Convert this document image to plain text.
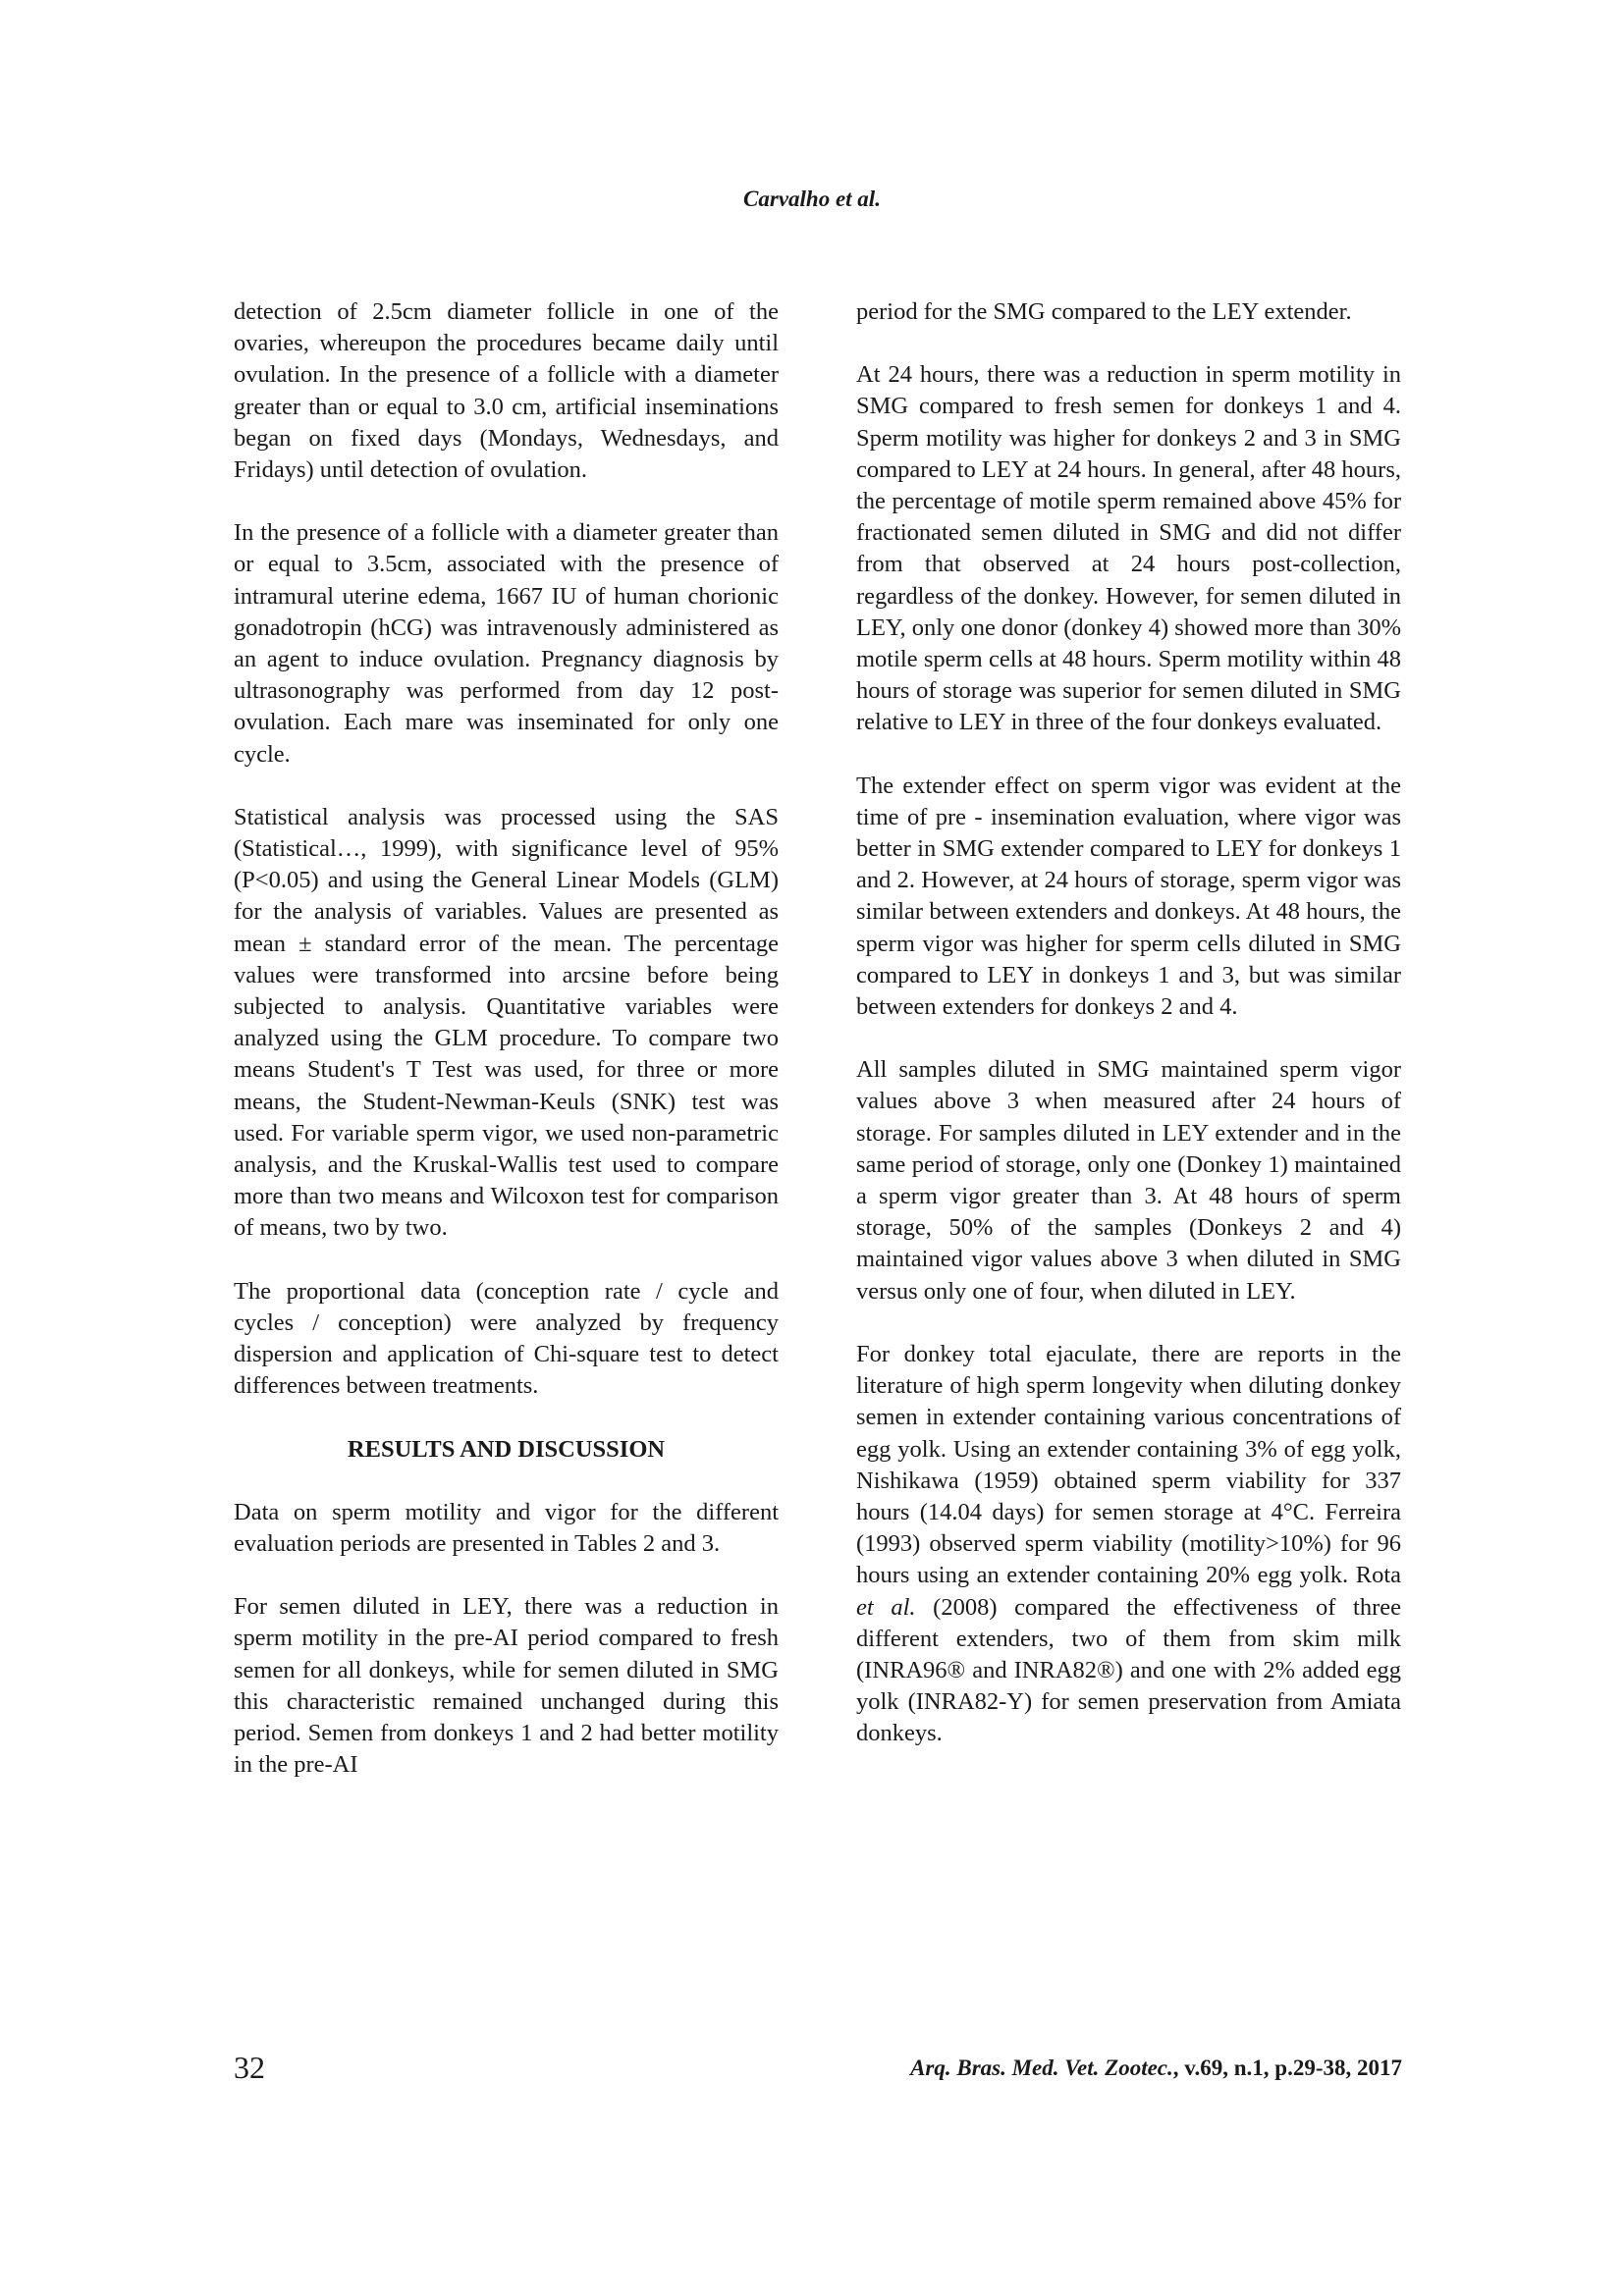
Carvalho et al.

detection of 2.5cm diameter follicle in one of the ovaries, whereupon the procedures became daily until ovulation. In the presence of a follicle with a diameter greater than or equal to 3.0 cm, artificial inseminations began on fixed days (Mondays, Wednesdays, and Fridays) until detection of ovulation.

In the presence of a follicle with a diameter greater than or equal to 3.5cm, associated with the presence of intramural uterine edema, 1667 IU of human chorionic gonadotropin (hCG) was intravenously administered as an agent to induce ovulation. Pregnancy diagnosis by ultrasonography was performed from day 12 post-ovulation. Each mare was inseminated for only one cycle.

Statistical analysis was processed using the SAS (Statistical…, 1999), with significance level of 95% (P<0.05) and using the General Linear Models (GLM) for the analysis of variables. Values are presented as mean ± standard error of the mean. The percentage values were transformed into arcsine before being subjected to analysis. Quantitative variables were analyzed using the GLM procedure. To compare two means Student's T Test was used, for three or more means, the Student-Newman-Keuls (SNK) test was used. For variable sperm vigor, we used non-parametric analysis, and the Kruskal-Wallis test used to compare more than two means and Wilcoxon test for comparison of means, two by two.

The proportional data (conception rate / cycle and cycles / conception) were analyzed by frequency dispersion and application of Chi-square test to detect differences between treatments.

RESULTS AND DISCUSSION

Data on sperm motility and vigor for the different evaluation periods are presented in Tables 2 and 3.

For semen diluted in LEY, there was a reduction in sperm motility in the pre-AI period compared to fresh semen for all donkeys, while for semen diluted in SMG this characteristic remained unchanged during this period. Semen from donkeys 1 and 2 had better motility in the pre-AI

period for the SMG compared to the LEY extender.

At 24 hours, there was a reduction in sperm motility in SMG compared to fresh semen for donkeys 1 and 4. Sperm motility was higher for donkeys 2 and 3 in SMG compared to LEY at 24 hours. In general, after 48 hours, the percentage of motile sperm remained above 45% for fractionated semen diluted in SMG and did not differ from that observed at 24 hours post-collection, regardless of the donkey. However, for semen diluted in LEY, only one donor (donkey 4) showed more than 30% motile sperm cells at 48 hours. Sperm motility within 48 hours of storage was superior for semen diluted in SMG relative to LEY in three of the four donkeys evaluated.

The extender effect on sperm vigor was evident at the time of pre - insemination evaluation, where vigor was better in SMG extender compared to LEY for donkeys 1 and 2. However, at 24 hours of storage, sperm vigor was similar between extenders and donkeys. At 48 hours, the sperm vigor was higher for sperm cells diluted in SMG compared to LEY in donkeys 1 and 3, but was similar between extenders for donkeys 2 and 4.

All samples diluted in SMG maintained sperm vigor values above 3 when measured after 24 hours of storage. For samples diluted in LEY extender and in the same period of storage, only one (Donkey 1) maintained a sperm vigor greater than 3. At 48 hours of sperm storage, 50% of the samples (Donkeys 2 and 4) maintained vigor values above 3 when diluted in SMG versus only one of four, when diluted in LEY.

For donkey total ejaculate, there are reports in the literature of high sperm longevity when diluting donkey semen in extender containing various concentrations of egg yolk. Using an extender containing 3% of egg yolk, Nishikawa (1959) obtained sperm viability for 337 hours (14.04 days) for semen storage at 4°C. Ferreira (1993) observed sperm viability (motility>10%) for 96 hours using an extender containing 20% egg yolk. Rota et al. (2008) compared the effectiveness of three different extenders, two of them from skim milk (INRA96® and INRA82®) and one with 2% added egg yolk (INRA82-Y) for semen preservation from Amiata donkeys.

32	Arq. Bras. Med. Vet. Zootec., v.69, n.1, p.29-38, 2017
